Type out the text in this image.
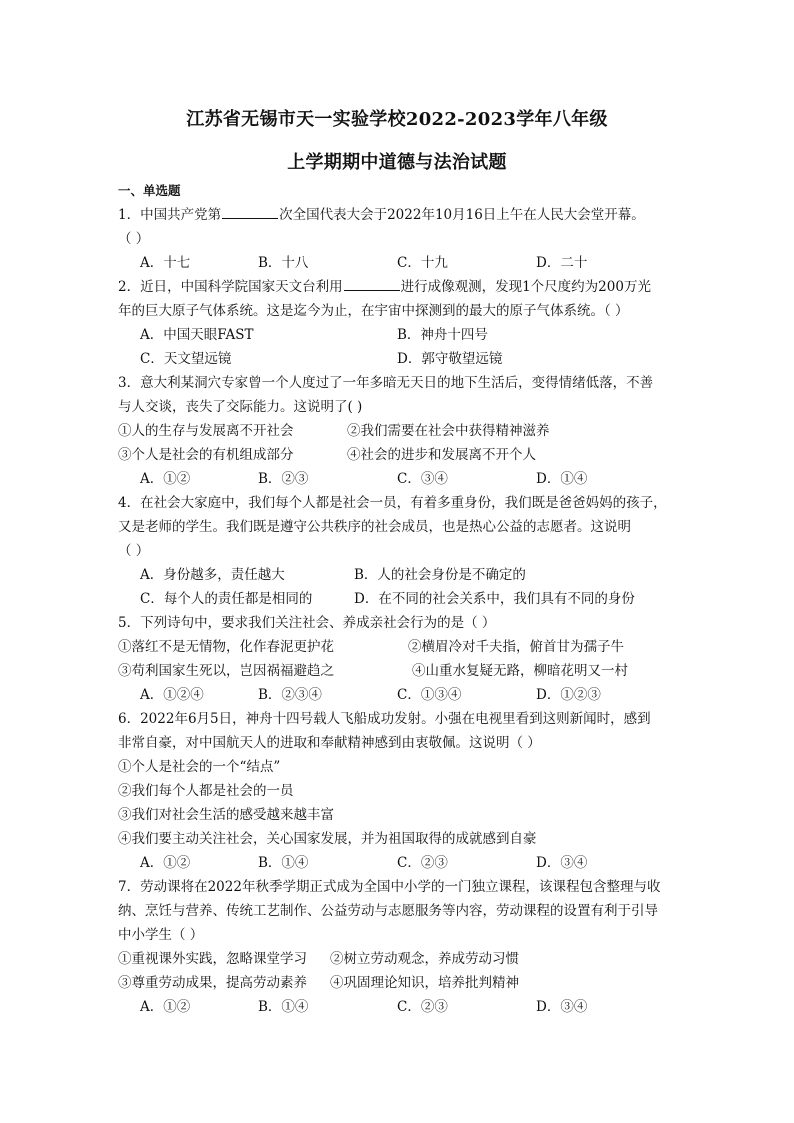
江苏省无锡市天一实验学校2022-2023学年八年级
上学期期中道德与法治试题
一、单选题
1．中国共产党第	次全国代表大会于2022年10月16日上午在人民大会堂开幕。
（ ）
A．十七	B．十八	C．十九	D．二十
2．近日，中国科学院国家天文台利用	进行成像观测，发现1个尺度约为200万光
年的巨大原子气体系统。这是迄今为止，在宇宙中探测到的最大的原子气体系统。（ ）
A．中国天眼FAST	B．神舟十四号
C．天文望远镜	D．郭守敬望远镜
3．意大利某洞穴专家曾一个人度过了一年多暗无天日的地下生活后，变得情绪低落，不善
与人交谈，丧失了交际能力。这说明了( )
①人的生存与发展离不开社会	②我们需要在社会中获得精神滋养
③个人是社会的有机组成部分	④社会的进步和发展离不开个人
A．①②	B．②③	C．③④	D．①④
4．在社会大家庭中，我们每个人都是社会一员，有着多重身份，我们既是爸爸妈妈的孩子，
又是老师的学生。我们既是遵守公共秩序的社会成员，也是热心公益的志愿者。这说明
（ ）
A．身份越多，责任越大	B．人的社会身份是不确定的
C．每个人的责任都是相同的	D．在不同的社会关系中，我们具有不同的身份
5．下列诗句中，要求我们关注社会、养成亲社会行为的是（ ）
①落红不是无情物，化作春泥更护花	②横眉冷对千夫指，俯首甘为孺子牛
③苟利国家生死以，岂因祸福避趋之	④山重水复疑无路，柳暗花明又一村
A．①②④	B．②③④	C．①③④	D．①②③
6．2022年6月5日，神舟十四号载人飞船成功发射。小强在电视里看到这则新闻时，感到
非常自豪，对中国航天人的进取和奉献精神感到由衷敬佩。这说明（ ）
①个人是社会的一个“结点”
②我们每个人都是社会的一员
③我们对社会生活的感受越来越丰富
④我们要主动关注社会，关心国家发展，并为祖国取得的成就感到自豪
A．①②	B．①④	C．②③	D．③④
7．劳动课将在2022年秋季学期正式成为全国中小学的一门独立课程，该课程包含整理与收
纳、烹饪与营养、传统工艺制作、公益劳动与志愿服务等内容，劳动课程的设置有利于引导
中小学生（ ）
①重视课外实践，忽略课堂学习 ②树立劳动观念，养成劳动习惯
③尊重劳动成果，提高劳动素养 ④巩固理论知识，培养批判精神
A．①②	B．①④	C．②③	D．③④
